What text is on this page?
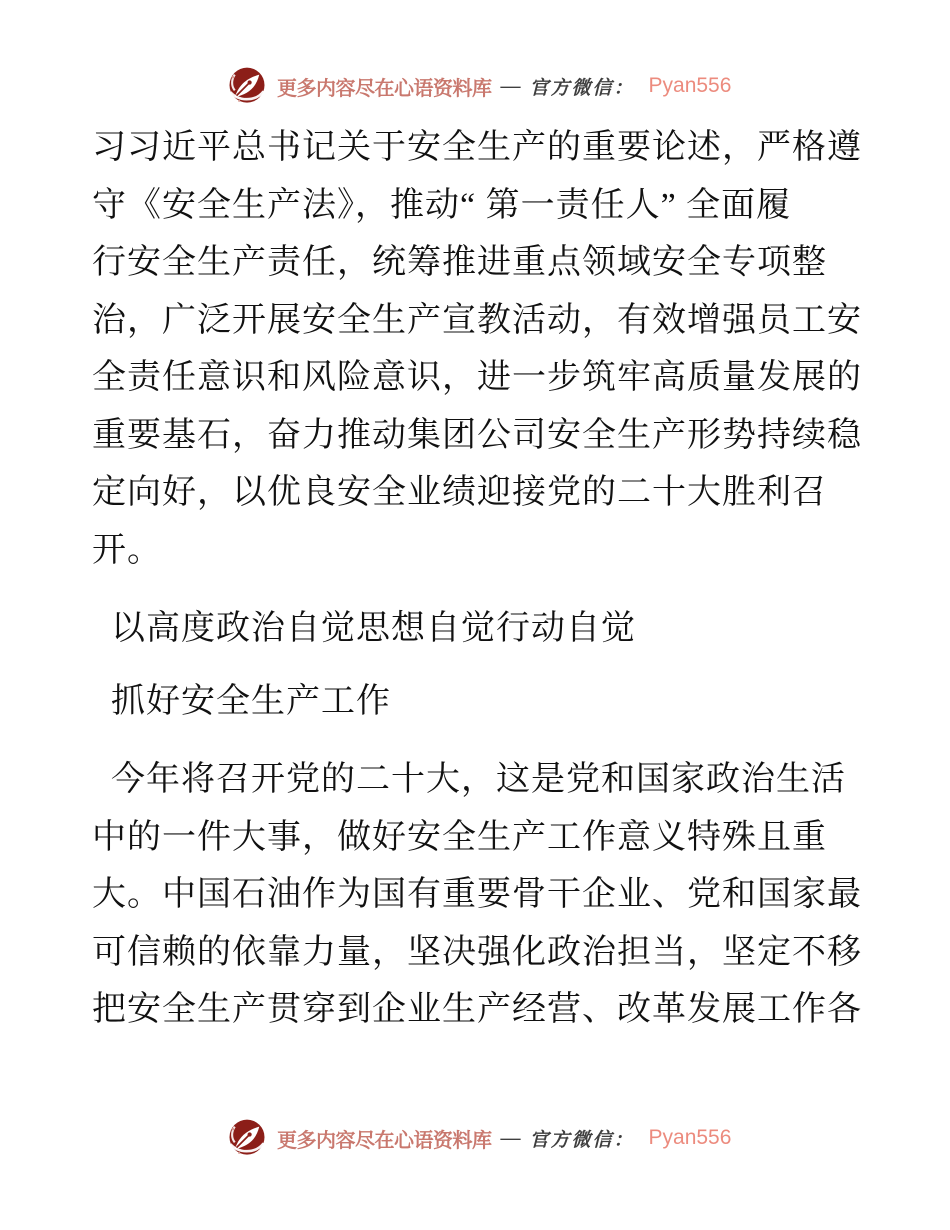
更多内容尽在心语资料库 — 官方微信： Pyan556
习习近平总书记关于安全生产的重要论述，严格遵
守《安全生产法》，推动“ 第一责任人” 全面履
行安全生产责任，统筹推进重点领域安全专项整
治，广泛开展安全生产宣教活动，有效增强员工安
全责任意识和风险意识，进一步筑牢高质量发展的
重要基石，奋力推动集团公司安全生产形势持续稳
定向好，以优良安全业绩迎接党的二十大胜利召
开。
以高度政治自觉思想自觉行动自觉
抓好安全生产工作
今年将召开党的二十大，这是党和国家政治生活
中的一件大事，做好安全生产工作意义特殊且重
大。中国石油作为国有重要骨干企业、党和国家最
可信赖的依靠力量，坚决强化政治担当，坚定不移
把安全生产贯穿到企业生产经营、改革发展工作各
更多内容尽在心语资料库 — 官方微信： Pyan556
